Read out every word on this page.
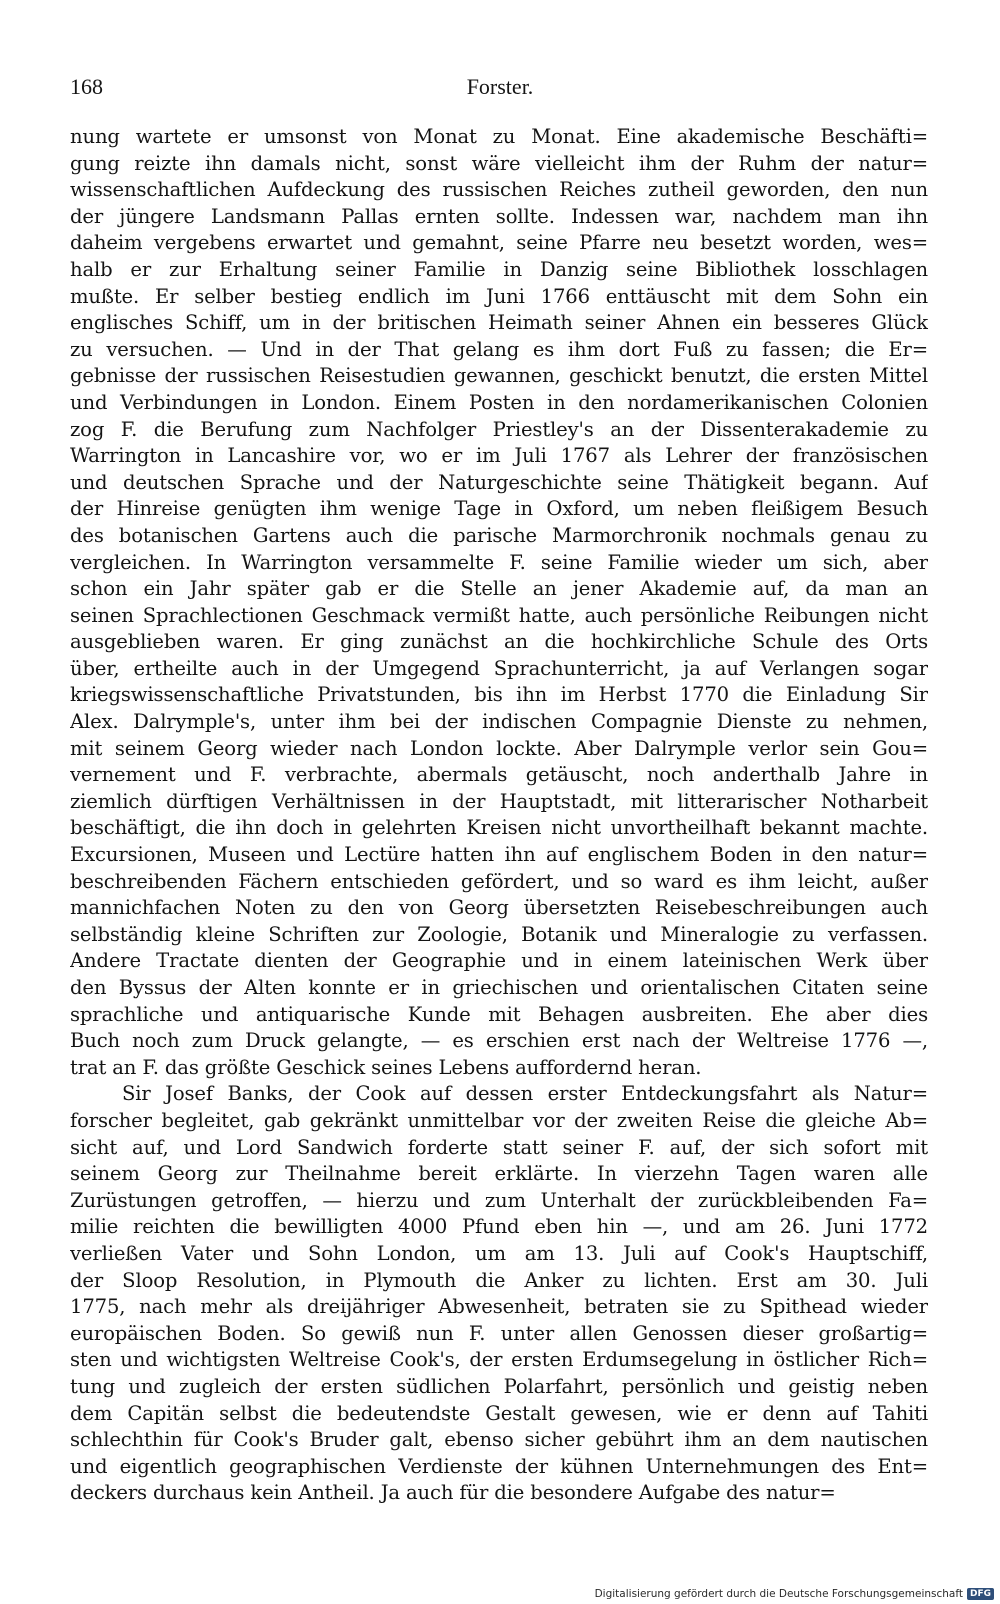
168	Forster.
nung wartete er umsonst von Monat zu Monat. Eine akademische Beschäfti=
gung reizte ihn damals nicht, sonst wäre vielleicht ihm der Ruhm der natur=
wissenschaftlichen Aufdeckung des russischen Reiches zutheil geworden, den nun
der jüngere Landsmann Pallas ernten sollte. Indessen war, nachdem man ihn
daheim vergebens erwartet und gemahnt, seine Pfarre neu besetzt worden, wes=
halb er zur Erhaltung seiner Familie in Danzig seine Bibliothek losschlagen
mußte. Er selber bestieg endlich im Juni 1766 enttäuscht mit dem Sohn ein
englisches Schiff, um in der britischen Heimath seiner Ahnen ein besseres Glück
zu versuchen. — Und in der That gelang es ihm dort Fuß zu fassen; die Er=
gebnisse der russischen Reisestudien gewannen, geschickt benutzt, die ersten Mittel
und Verbindungen in London. Einem Posten in den nordamerikanischen Colonien
zog F. die Berufung zum Nachfolger Priestley's an der Dissenterakademie zu
Warrington in Lancashire vor, wo er im Juli 1767 als Lehrer der französischen
und deutschen Sprache und der Naturgeschichte seine Thätigkeit begann. Auf
der Hinreise genügten ihm wenige Tage in Oxford, um neben fleißigem Besuch
des botanischen Gartens auch die parische Marmorchronik nochmals genau zu
vergleichen. In Warrington versammelte F. seine Familie wieder um sich, aber
schon ein Jahr später gab er die Stelle an jener Akademie auf, da man an
seinen Sprachlectionen Geschmack vermißt hatte, auch persönliche Reibungen nicht
ausgeblieben waren. Er ging zunächst an die hochkirchliche Schule des Orts
über, ertheilte auch in der Umgegend Sprachunterricht, ja auf Verlangen sogar
kriegswissenschaftliche Privatstunden, bis ihn im Herbst 1770 die Einladung Sir
Alex. Dalrymple's, unter ihm bei der indischen Compagnie Dienste zu nehmen,
mit seinem Georg wieder nach London lockte. Aber Dalrymple verlor sein Gou=
vernement und F. verbrachte, abermals getäuscht, noch anderthalb Jahre in
ziemlich dürftigen Verhältnissen in der Hauptstadt, mit litterarischer Notharbeit
beschäftigt, die ihn doch in gelehrten Kreisen nicht unvortheilhaft bekannt machte.
Excursionen, Museen und Lectüre hatten ihn auf englischem Boden in den natur=
beschreibenden Fächern entschieden gefördert, und so ward es ihm leicht, außer
mannichfachen Noten zu den von Georg übersetzten Reisebeschreibungen auch
selbständig kleine Schriften zur Zoologie, Botanik und Mineralogie zu verfassen.
Andere Tractate dienten der Geographie und in einem lateinischen Werk über
den Byssus der Alten konnte er in griechischen und orientalischen Citaten seine
sprachliche und antiquarische Kunde mit Behagen ausbreiten. Ehe aber dies
Buch noch zum Druck gelangte, — es erschien erst nach der Weltreise 1776 —,
trat an F. das größte Geschick seines Lebens auffordernd heran.
Sir Josef Banks, der Cook auf dessen erster Entdeckungsfahrt als Natur=
forscher begleitet, gab gekränkt unmittelbar vor der zweiten Reise die gleiche Ab=
sicht auf, und Lord Sandwich forderte statt seiner F. auf, der sich sofort mit
seinem Georg zur Theilnahme bereit erklärte. In vierzehn Tagen waren alle
Zurüstungen getroffen, — hierzu und zum Unterhalt der zurückbleibenden Fa=
milie reichten die bewilligten 4000 Pfund eben hin —, und am 26. Juni 1772
verließen Vater und Sohn London, um am 13. Juli auf Cook's Hauptschiff,
der Sloop Resolution, in Plymouth die Anker zu lichten. Erst am 30. Juli
1775, nach mehr als dreijähriger Abwesenheit, betraten sie zu Spithead wieder
europäischen Boden. So gewiß nun F. unter allen Genossen dieser großartig=
sten und wichtigsten Weltreise Cook's, der ersten Erdumsegelung in östlicher Rich=
tung und zugleich der ersten südlichen Polarfahrt, persönlich und geistig neben
dem Capitän selbst die bedeutendste Gestalt gewesen, wie er denn auf Tahiti
schlechthin für Cook's Bruder galt, ebenso sicher gebührt ihm an dem nautischen
und eigentlich geographischen Verdienste der kühnen Unternehmungen des Ent=
deckers durchaus kein Antheil. Ja auch für die besondere Aufgabe des natur=
Digitalisierung gefördert durch die Deutsche Forschungsgemeinschaft DFG
